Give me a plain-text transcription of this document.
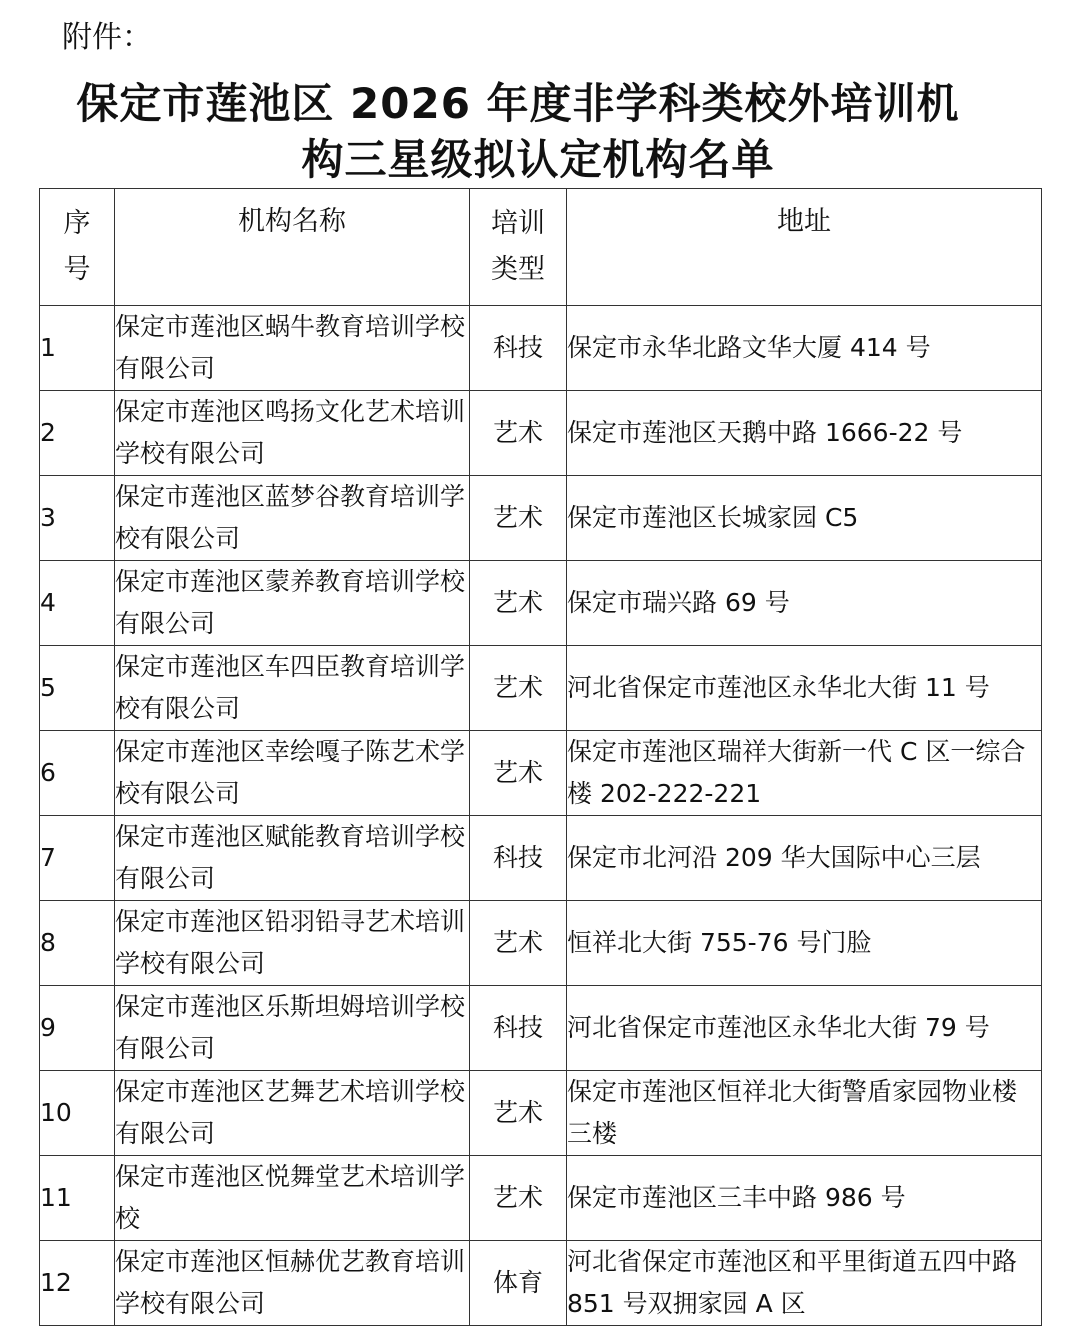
附件：
保定市莲池区 2026 年度非学科类校外培训机
构三星级拟认定机构名单
序号	机构名称	培训类型	地址

1	保定市莲池区蜗牛教育培训学校有限公司	科技	保定市永华北路文华大厦 414 号
2	保定市莲池区鸣扬文化艺术培训学校有限公司	艺术	保定市莲池区天鹅中路 1666-22 号
3	保定市莲池区蓝梦谷教育培训学校有限公司	艺术	保定市莲池区长城家园 C5
4	保定市莲池区蒙养教育培训学校有限公司	艺术	保定市瑞兴路 69 号
5	保定市莲池区车四臣教育培训学校有限公司	艺术	河北省保定市莲池区永华北大街 11 号
6	保定市莲池区幸绘嘎子陈艺术学校有限公司	艺术	保定市莲池区瑞祥大街新一代 C 区一综合楼 202-222-221
7	保定市莲池区赋能教育培训学校有限公司	科技	保定市北河沿 209 华大国际中心三层
8	保定市莲池区铅羽铅寻艺术培训学校有限公司	艺术	恒祥北大街 755-76 号门脸
9	保定市莲池区乐斯坦姆培训学校有限公司	科技	河北省保定市莲池区永华北大街 79 号
10	保定市莲池区艺舞艺术培训学校有限公司	艺术	保定市莲池区恒祥北大街警盾家园物业楼三楼
11	保定市莲池区悦舞堂艺术培训学校	艺术	保定市莲池区三丰中路 986 号
12	保定市莲池区恒赫优艺教育培训学校有限公司	体育	河北省保定市莲池区和平里街道五四中路 851 号双拥家园 A 区
